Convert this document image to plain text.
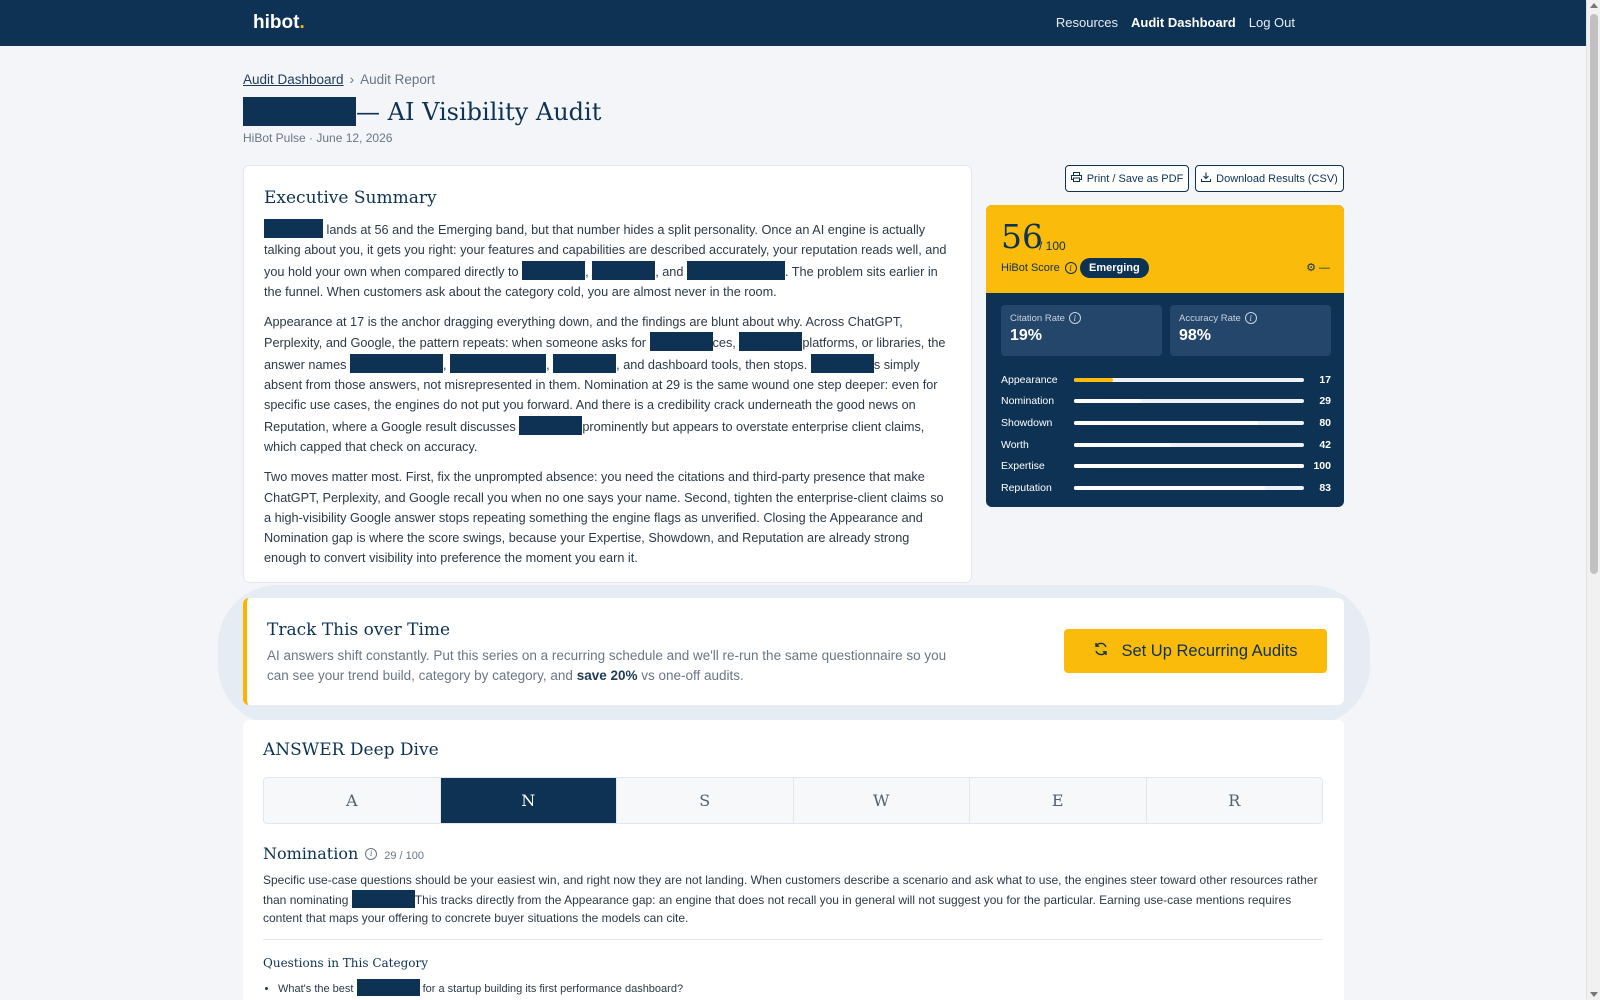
hibot.	Resources Audit Dashboard Log Out
Audit Dashboard › Audit Report
— AI Visibility Audit
HiBot Pulse · June 12, 2026
Executive Summary

lands at 56 and the Emerging band, but that number hides a split personality. Once an AI engine is actually talking about you, it gets you right: your features and capabilities are described accurately, your reputation reads well, and you hold your own when compared directly to	,	, and	. The problem sits earlier in the funnel. When customers ask about the category cold, you are almost never in the room.

Appearance at 17 is the anchor dragging everything down, and the findings are blunt about why. Across ChatGPT, Perplexity, and Google, the pattern repeats: when someone asks for	ces,	platforms, or libraries, the answer names	,	,	, and dashboard tools, then stops.	s simply absent from those answers, not misrepresented in them. Nomination at 29 is the same wound one step deeper: even for specific use cases, the engines do not put you forward. And there is a credibility crack underneath the good news on Reputation, where a Google result discusses	prominently but appears to overstate enterprise client claims, which capped that check on accuracy.

Two moves matter most. First, fix the unprompted absence: you need the citations and third-party presence that make ChatGPT, Perplexity, and Google recall you when no one says your name. Second, tighten the enterprise-client claims so a high-visibility Google answer stops repeating something the engine flags as unverified. Closing the Appearance and Nomination gap is where the score swings, because your Expertise, Showdown, and Reputation are already strong enough to convert visibility into preference the moment you earn it.

Print / Save as PDF	Download Results (CSV)
56
/ 100
HiBot Score	i	Emerging	⚙ —
Citation Rate	i
19%
Accuracy Rate	i
98%
Appearance	17
Nomination	29
Showdown	80
Worth	42
Expertise	100
Reputation	83
Track This over Time

AI answers shift constantly. Put this series on a recurring schedule and we'll re-run the same questionnaire so you can see your trend build, category by category, and save 20% vs one-off audits.

Set Up Recurring Audits
ANSWER Deep Dive
A	N	S	W	E	R
Nomination	i	29 / 100
Specific use-case questions should be your easiest win, and right now they are not landing. When customers describe a scenario and ask what to use, the engines steer toward other resources rather than nominating	This tracks directly from the Appearance gap: an engine that does not recall you in general will not suggest you for the particular. Earning use-case mentions requires content that maps your offering to concrete buyer situations the models can cite.
Questions in This Category
• What's the best	for a startup building its first performance dashboard?
